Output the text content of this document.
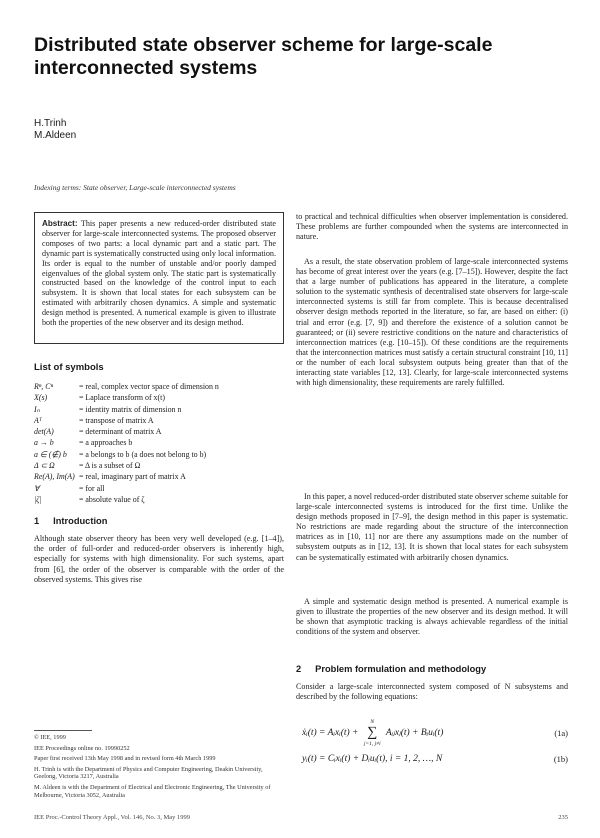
Distributed state observer scheme for large-scale interconnected systems
H.Trinh
M.Aldeen
Indexing terms: State observer, Large-scale interconnected systems
Abstract: This paper presents a new reduced-order distributed state observer for large-scale interconnected systems. The proposed observer composes of two parts: a local dynamic part and a static part. The dynamic part is systematically constructed using only local information. Its order is equal to the number of unstable and/or poorly damped eigenvalues of the global system only. The static part is systematically constructed based on the knowledge of the control input to each subsystem. It is shown that local states for each subsystem can be estimated with arbitrarily chosen dynamics. A simple and systematic design method is presented. A numerical example is given to illustrate both the properties of the new observer and its design method.
List of symbols
Rⁿ, Cⁿ	= real, complex vector space of dimension n
X(s)	= Laplace transform of x(t)
Iₙ	= identity matrix of dimension n
Aᵀ	= transpose of matrix A
det(A)	= determinant of matrix A
a → b	= a approaches b
a ∈ (∉) b	= a belongs to b (a does not belong to b)
Δ ⊂ Ω	= Δ is a subset of Ω
Re(A), Im(A) = real, imaginary part of matrix A
∀	= for all
|ζ|	= absolute value of ζ
1 Introduction
Although state observer theory has been very well developed (e.g. [1–4]), the order of full-order and reduced-order observers is inherently high, especially for systems with high dimensionality. For such systems, apart from [6], the order of the observer is comparable with the order of the observed systems. This gives rise

© IEE, 1999

IEE Proceedings online no. 19990252

Paper first received 13th May 1998 and in revised form 4th March 1999

H. Trinh is with the Department of Physics and Computer Engineering, Deakin University, Geelong, Victoria 3217, Australia

M. Aldeen is with the Department of Electrical and Electronic Engineering, The University of Melbourne, Victoria 3052, Australia

to practical and technical difficulties when observer implementation is considered. These problems are further compounded when the systems are interconnected in nature.
As a result, the state observation problem of large-scale interconnected systems has become of great interest over the years (e.g. [7–15]). However, despite the fact that a large number of publications has appeared in the literature, a complete solution to the systematic synthesis of decentralised state observers for large-scale interconnected systems is still far from complete. This is because decentralised observer design methods reported in the literature, so far, are based on either: (i) trial and error (e.g. [7, 9]) and therefore the existence of a solution cannot be guaranteed; or (ii) severe restrictive conditions on the nature and characteristics of interconnection matrices (e.g. [10–15]). Of these conditions are the requirements that the interconnection matrices must satisfy a certain structural constraint [10, 11] or the number of each local subsystem outputs being greater than that of the interacting state variables [12, 13]. Clearly, for large-scale interconnected systems with high dimensionality, these requirements are rarely fulfilled.
In this paper, a novel reduced-order distributed state observer scheme suitable for large-scale interconnected systems is introduced for the first time. Unlike the design methods proposed in [7–9], the design method in this paper is systematic. No restrictions are made regarding about the structure of the interconnection matrices as in [10, 11] nor are there any assumptions made on the number of subsystem outputs as in [12, 13]. It is shown that local states for each subsystem can be systematically estimated with arbitrarily chosen dynamics.
A simple and systematic design method is presented. A numerical example is given to illustrate the properties of the new observer and its design method. It will be shown that asymptotic tracking is always achievable regardless of the initial conditions of the system and observer.
2 Problem formulation and methodology
Consider a large-scale interconnected system composed of N subsystems and described by the following equations:
ẋᵢ(t) = Aᵢxᵢ(t) +
N
∑
j=1, j≠i
Aᵢⱼxⱼ(t) + Bᵢuᵢ(t)	(1a)
yᵢ(t) = Cᵢxᵢ(t) + Dᵢuᵢ(t), i = 1, 2, …, N	(1b)
IEE Proc.-Control Theory Appl., Vol. 146, No. 3, May 1999	235
